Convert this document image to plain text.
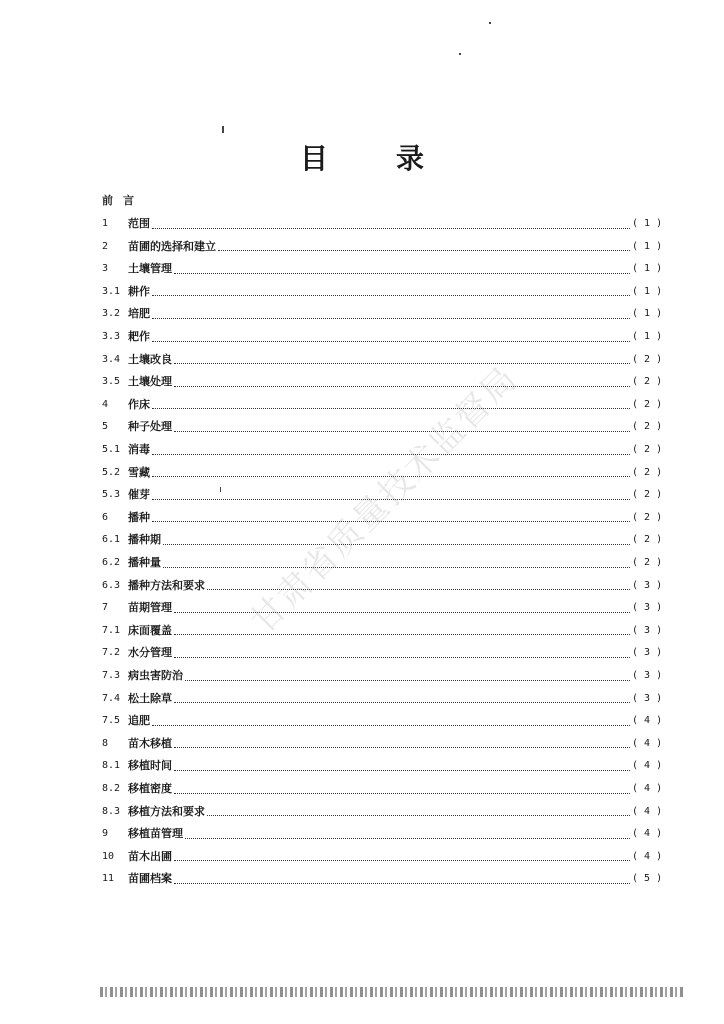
目 录
前言
1	范围	( 1 )
2	苗圃的选择和建立	( 1 )
3	土壤管理	( 1 )
3.1 耕作	( 1 )
3.2 培肥	( 1 )
3.3 耙作	( 1 )
3.4 土壤改良	( 2 )
3.5 土壤处理	( 2 )
4	作床	( 2 )
5	种子处理	( 2 )
5.1 消毒	( 2 )
5.2 雪藏	( 2 )
5.3 催芽	( 2 )
6	播种	( 2 )
6.1 播种期	( 2 )
6.2 播种量	( 2 )
6.3 播种方法和要求	( 3 )
7	苗期管理	( 3 )
7.1 床面覆盖	( 3 )
7.2 水分管理	( 3 )
7.3 病虫害防治	( 3 )
7.4 松土除草	( 3 )
7.5 追肥	( 4 )
8	苗木移植	( 4 )
8.1 移植时间	( 4 )
8.2 移植密度	( 4 )
8.3 移植方法和要求	( 4 )
9	移植苗管理	( 4 )
10	苗木出圃	( 4 )
11	苗圃档案	( 5 )
甘肃省质量技术监督局
